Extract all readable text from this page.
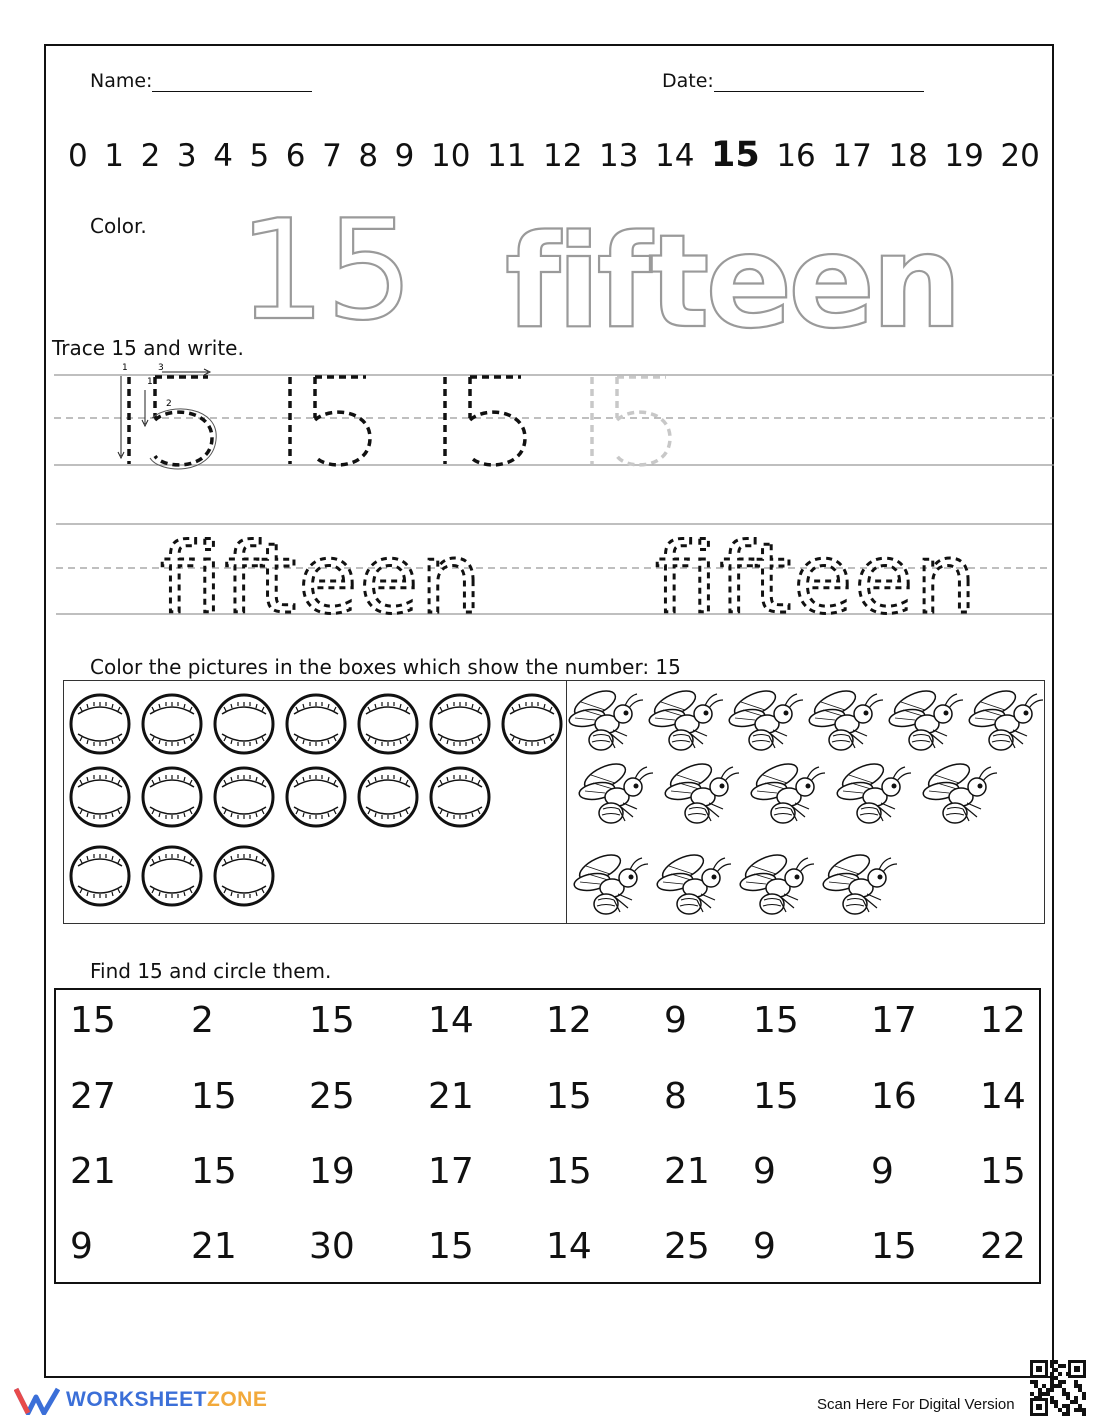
Name:	Date:
0 1 2 3 4 5 6 7 8 9 10 11 12 13 14 15 16 17 18 19 20
Color. 15 fifteen
Trace 15 and write.
1
1
2
3
fifteen fifteen
Color the pictures in the boxes which show the number: 15
Find 15 and circle them.
15 2	15 14 12 9 15 17 12
27 15 25 21 15 8 15 16 14
21 15 19 17 15 21 9	9 15
9	21 30 15 14 25 9	15 22
WORKSHEETZONE	Scan Here For Digital Version
